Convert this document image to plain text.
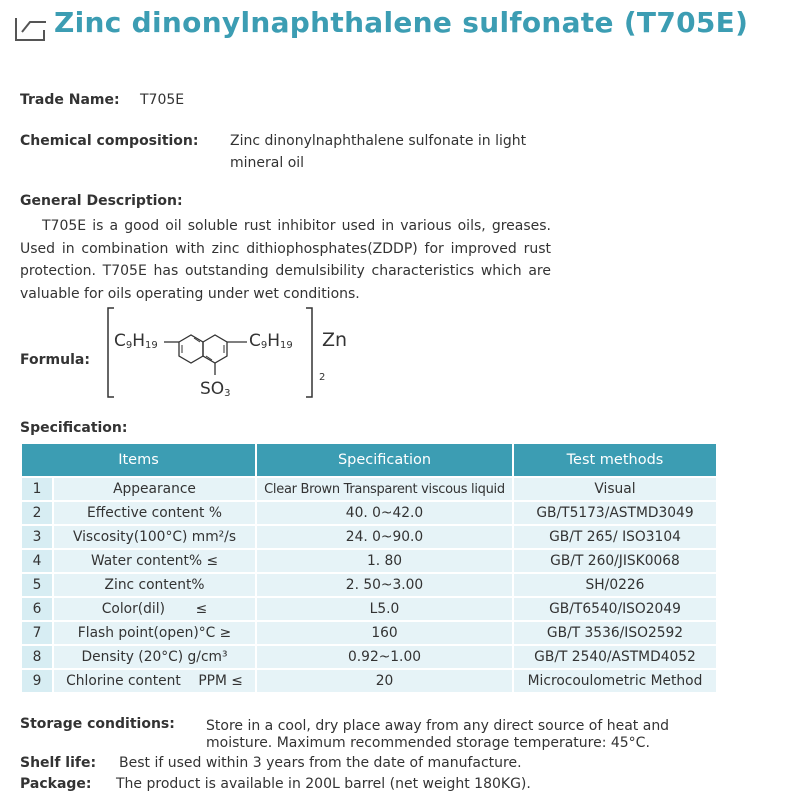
Zinc dinonylnaphthalene sulfonate (T705E)
Trade Name: T705E
Chemical composition: Zinc dinonylnaphthalene sulfonate in light
mineral oil
General Description:
T705E is a good oil soluble rust inhibitor used in various oils, greases. Used in combination with zinc dithiophosphates(ZDDP) for improved rust protection. T705E has outstanding demulsibility characteristics which are valuable for oils operating under wet conditions.
Formula:
C9H19	C9H19
SO3
Zn
2
Specification:
Items		Specification	Test methods
1	Appearance	Clear Brown Transparent viscous liquid	Visual
2	Effective content %	40. 0~42.0	GB/T5173/ASTMD3049
3	Viscosity(100°C) mm²/s	24. 0~90.0	GB/T 265/ ISO3104
4	Water content% ≤	1. 80	GB/T 260/JISK0068
5	Zinc content%	2. 50~3.00	SH/0226
6	Color(dil)       ≤	L5.0	GB/T6540/ISO2049
7	Flash point(open)°C ≥	160	GB/T 3536/ISO2592
8	Density (20°C) g/cm³	0.92~1.00	GB/T 2540/ASTMD4052
9	Chlorine content    PPM ≤	20	Microcoulometric Method
Storage conditions: Store in a cool, dry place away from any direct source of heat and
moisture. Maximum recommended storage temperature: 45°C.
Shelf life: Best if used within 3 years from the date of manufacture.
Package: The product is available in 200L barrel (net weight 180KG).
